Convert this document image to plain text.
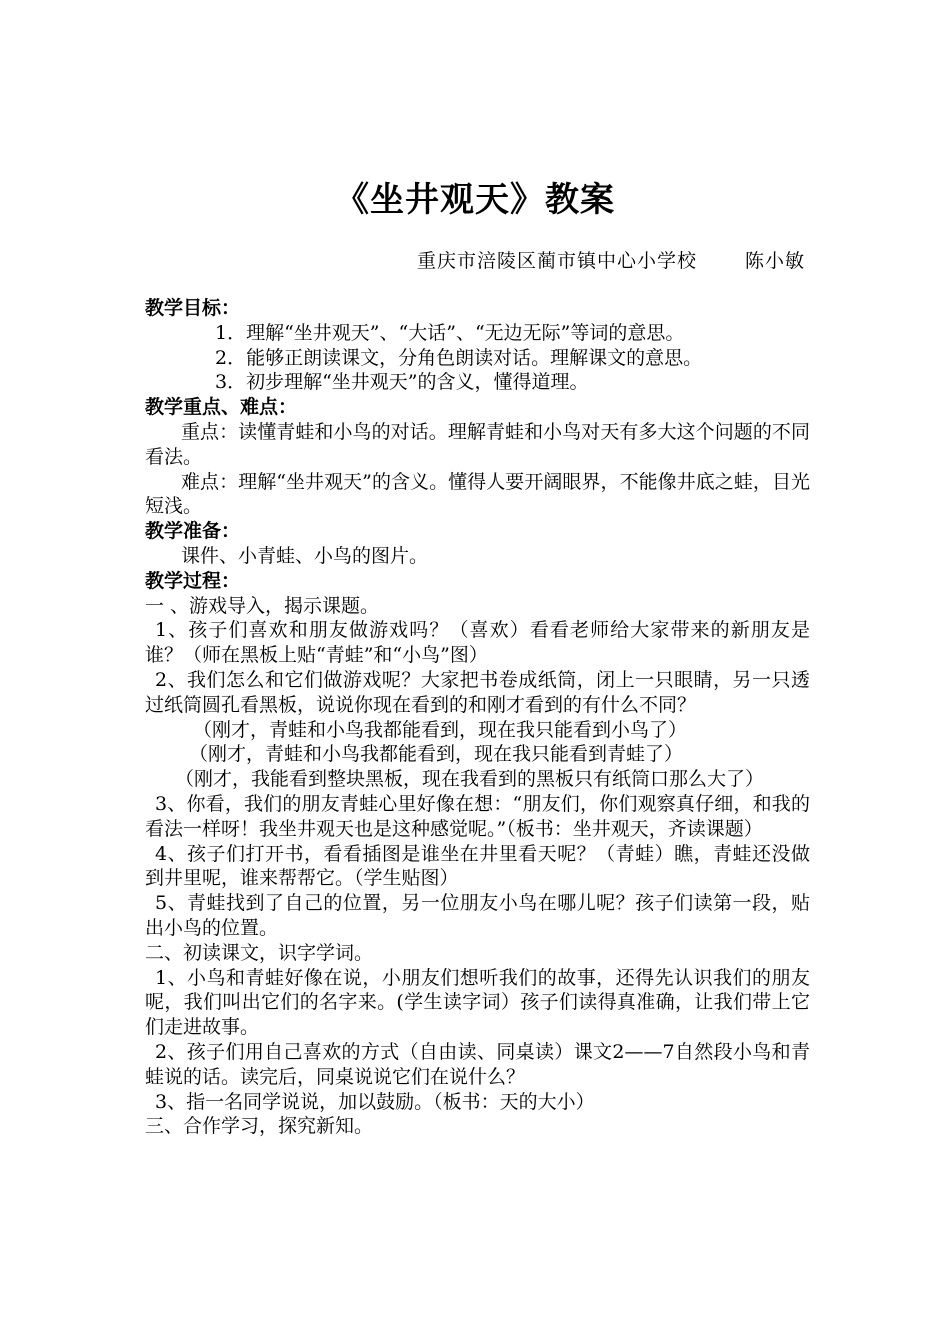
《坐井观天》教案
重庆市涪陵区蔺市镇中心小学校	陈小敏

教学目标：

1．理解“坐井观天”、“大话”、“无边无际”等词的意思。

2．能够正朗读课文，分角色朗读对话。理解课文的意思。

3．初步理解“坐井观天”的含义，懂得道理。

教学重点、难点：

重点：读懂青蛙和小鸟的对话。理解青蛙和小鸟对天有多大这个问题的不同看法。

难点：理解“坐井观天”的含义。懂得人要开阔眼界，不能像井底之蛙，目光短浅。

教学准备：

课件、小青蛙、小鸟的图片。

教学过程：

一 、游戏导入，揭示课题。

1、孩子们喜欢和朋友做游戏吗？（喜欢）看看老师给大家带来的新朋友是谁？（师在黑板上贴“青蛙”和“小鸟”图）

2、我们怎么和它们做游戏呢？大家把书卷成纸筒，闭上一只眼睛，另一只透过纸筒圆孔看黑板，说说你现在看到的和刚才看到的有什么不同？

（刚才，青蛙和小鸟我都能看到，现在我只能看到小鸟了）

（刚才，青蛙和小鸟我都能看到，现在我只能看到青蛙了）

（刚才，我能看到整块黑板，现在我看到的黑板只有纸筒口那么大了）

3、你看，我们的朋友青蛙心里好像在想：“朋友们，你们观察真仔细，和我的看法一样呀！我坐井观天也是这种感觉呢。”（板书：坐井观天，齐读课题）

4、孩子们打开书，看看插图是谁坐在井里看天呢？（青蛙）瞧，青蛙还没做到井里呢，谁来帮帮它。（学生贴图）

5、青蛙找到了自己的位置，另一位朋友小鸟在哪儿呢？孩子们读第一段，贴出小鸟的位置。

二、初读课文，识字学词。

1、小鸟和青蛙好像在说，小朋友们想听我们的故事，还得先认识我们的朋友呢，我们叫出它们的名字来。(学生读字词）孩子们读得真准确，让我们带上它们走进故事。

2、孩子们用自己喜欢的方式（自由读、同桌读）课文2——7自然段小鸟和青蛙说的话。读完后，同桌说说它们在说什么？

3、指一名同学说说，加以鼓励。（板书：天的大小）

三、合作学习，探究新知。
